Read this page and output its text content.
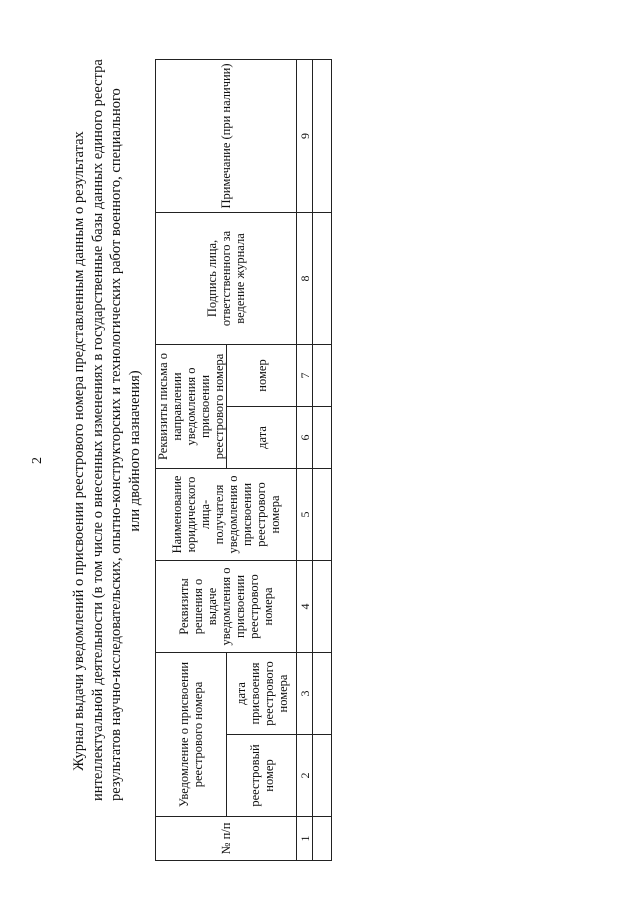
2 Журнал выдачи уведомлений о присвоении реестрового номера представленным данным о результатах интеллектуальной деятельности (в том числе о внесенных изменениях в государственные базы данных единого реестра результатов научно-исследовательских, опытно-конструкторских и технологических работ военного, специального или двойного назначения)
№ п/п	Уведомление о присвоении реестрового номера		Реквизиты решения о выдаче уведомления о присвоении реестрового номера	Наименование юридического лица-получателя уведомления о присвоении реестрового номера	Реквизиты письма о направлении уведомления о присвоении реестрового номера		Подпись лица, ответственного за ведение журнала	Примечание (при наличии)
	реестровый номер	дата присвоения реестрового номера			дата	номер		
1	2	3	4	5	6	7	8	9
